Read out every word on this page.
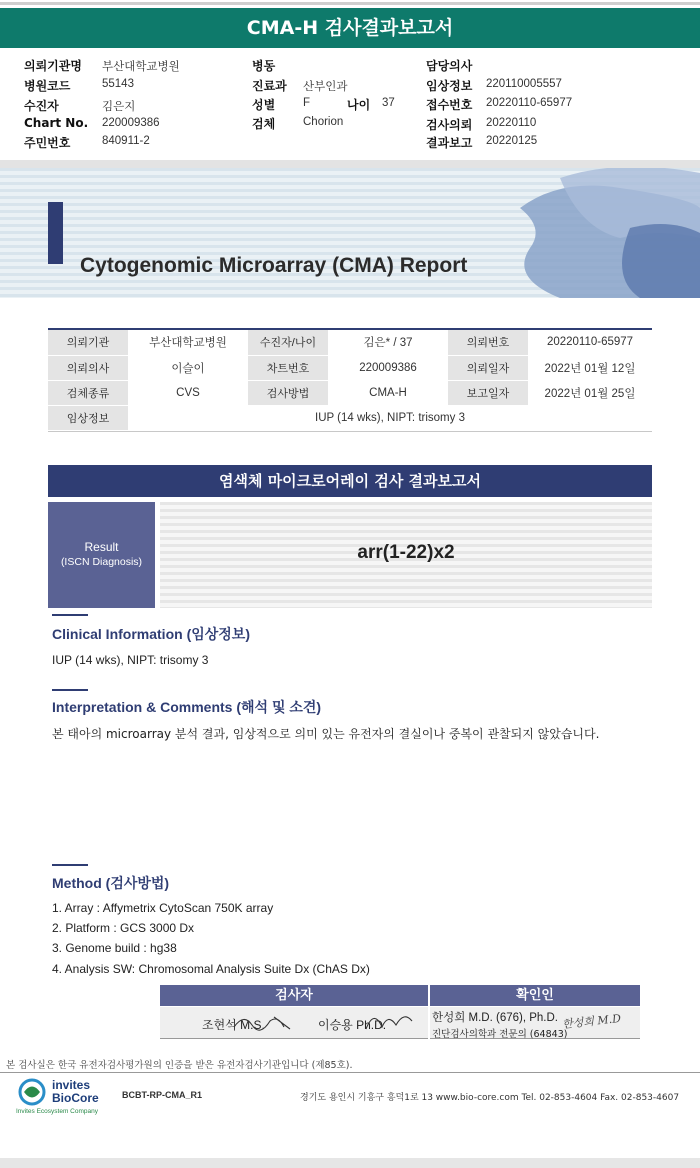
CMA-H 검사결과보고서
의뢰기관명 부산대학교병원
병원코드	55143
수진자	김은지
Chart No. 220009386
주민번호	840911-2
병동
진료과 산부인과
성별 F	나이 37
검체 Chorion
담당의사
임상정보 220110005557
접수번호 20220110-65977
검사의뢰 20220110
결과보고 20220125
Cytogenomic Microarray (CMA) Report
의뢰기관	부산대학교병원	수진자/나이	김은* / 37	의뢰번호	20220110-65977
의뢰의사	이슬이	차트번호	220009386	의뢰일자	2022년 01월 12일
검체종류	CVS	검사방법	CMA-H	보고일자	2022년 01월 25일
임상정보	IUP (14 wks), NIPT: trisomy 3				
염색체 마이크로어레이 검사 결과보고서
Result
(ISCN Diagnosis)	arr(1-22)x2
Clinical Information (임상정보)
IUP (14 wks), NIPT: trisomy 3
Interpretation & Comments (해석 및 소견)
본 태아의 microarray 분석 결과, 임상적으로 의미 있는 유전자의 결실이나 중복이 관찰되지 않았습니다.
Method (검사방법)
1. Array : Affymetrix CytoScan 750K array
2. Platform : GCS 3000 Dx
3. Genome build : hg38
4. Analysis SW: Chromosomal Analysis Suite Dx (ChAS Dx)
검사자	확인인
조현석 M.S.	이승용 Ph.D.	한성희 M.D. (676), Ph.D.
진단검사의학과 전문의 (64843)
한성희 M.D
본 검사실은 한국 유전자검사평가원의 인증을 받은 유전자검사기관입니다 (제85호).
invites
BioCore
Invites Ecosystem Company
BCBT-RP-CMA_R1	경기도 용인시 기흥구 흥덕1로 13 www.bio-core.com Tel. 02-853-4604 Fax. 02-853-4607
